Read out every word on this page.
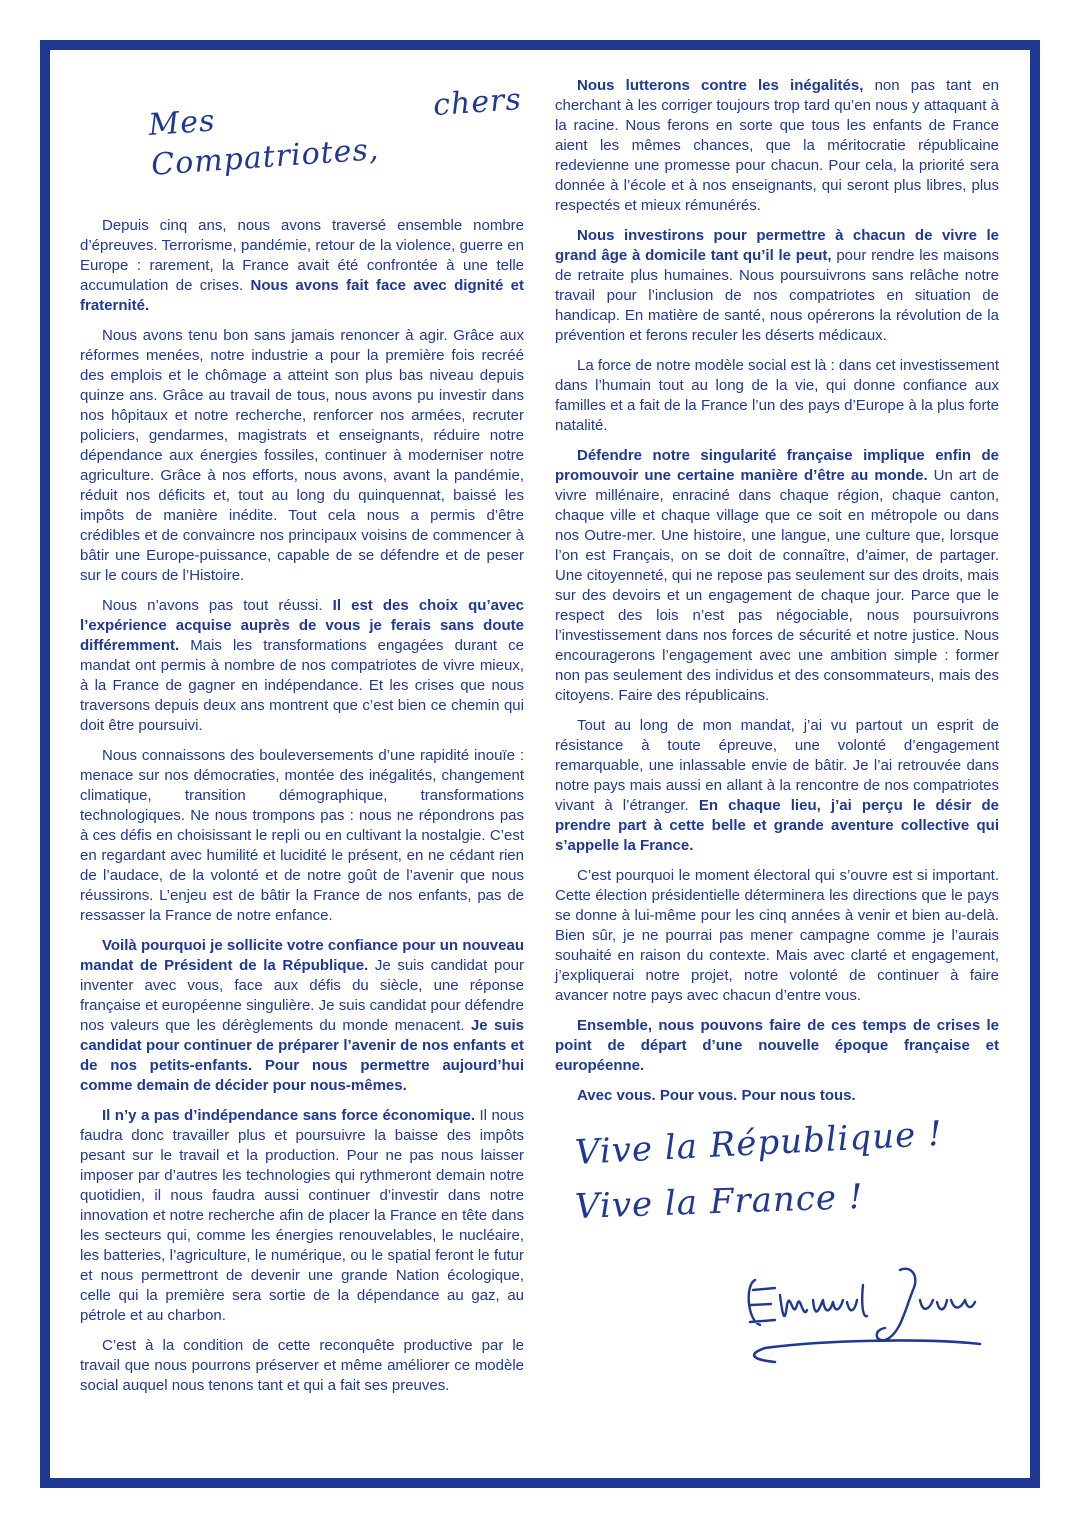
Mes chers Compatriotes,

Depuis cinq ans, nous avons traversé ensemble nombre d’épreuves. Terrorisme, pandémie, retour de la violence, guerre en Europe : rarement, la France avait été confrontée à une telle accumulation de crises. Nous avons fait face avec dignité et fraternité.

Nous avons tenu bon sans jamais renoncer à agir. Grâce aux réformes menées, notre industrie a pour la première fois recréé des emplois et le chômage a atteint son plus bas niveau depuis quinze ans. Grâce au travail de tous, nous avons pu investir dans nos hôpitaux et notre recherche, renforcer nos armées, recruter policiers, gendarmes, magistrats et enseignants, réduire notre dépendance aux énergies fossiles, continuer à moderniser notre agriculture. Grâce à nos efforts, nous avons, avant la pandémie, réduit nos déficits et, tout au long du quinquennat, baissé les impôts de manière inédite. Tout cela nous a permis d’être crédibles et de convaincre nos principaux voisins de commencer à bâtir une Europe-puissance, capable de se défendre et de peser sur le cours de l’Histoire.

Nous n’avons pas tout réussi. Il est des choix qu’avec l’expérience acquise auprès de vous je ferais sans doute différemment. Mais les transformations engagées durant ce mandat ont permis à nombre de nos compatriotes de vivre mieux, à la France de gagner en indépendance. Et les crises que nous traversons depuis deux ans montrent que c’est bien ce chemin qui doit être poursuivi.

Nous connaissons des bouleversements d’une rapidité inouïe : menace sur nos démocraties, montée des inégalités, changement climatique, transition démographique, transformations technologiques. Ne nous trompons pas : nous ne répondrons pas à ces défis en choisissant le repli ou en cultivant la nostalgie. C’est en regardant avec humilité et lucidité le présent, en ne cédant rien de l’audace, de la volonté et de notre goût de l’avenir que nous réussirons. L’enjeu est de bâtir la France de nos enfants, pas de ressasser la France de notre enfance.

Voilà pourquoi je sollicite votre confiance pour un nouveau mandat de Président de la République. Je suis candidat pour inventer avec vous, face aux défis du siècle, une réponse française et européenne singulière. Je suis candidat pour défendre nos valeurs que les dérèglements du monde menacent. Je suis candidat pour continuer de préparer l’avenir de nos enfants et de nos petits-enfants. Pour nous permettre aujourd’hui comme demain de décider pour nous-mêmes.

Il n’y a pas d’indépendance sans force économique. Il nous faudra donc travailler plus et poursuivre la baisse des impôts pesant sur le travail et la production. Pour ne pas nous laisser imposer par d’autres les technologies qui rythmeront demain notre quotidien, il nous faudra aussi continuer d’investir dans notre innovation et notre recherche afin de placer la France en tête dans les secteurs qui, comme les énergies renouvelables, le nucléaire, les batteries, l’agriculture, le numérique, ou le spatial feront le futur et nous permettront de devenir une grande Nation écologique, celle qui la première sera sortie de la dépendance au gaz, au pétrole et au charbon.

C’est à la condition de cette reconquête productive par le travail que nous pourrons préserver et même améliorer ce modèle social auquel nous tenons tant et qui a fait ses preuves.

Nous lutterons contre les inégalités, non pas tant en cherchant à les corriger toujours trop tard qu’en nous y attaquant à la racine. Nous ferons en sorte que tous les enfants de France aient les mêmes chances, que la méritocratie républicaine redevienne une promesse pour chacun. Pour cela, la priorité sera donnée à l’école et à nos enseignants, qui seront plus libres, plus respectés et mieux rémunérés.

Nous investirons pour permettre à chacun de vivre le grand âge à domicile tant qu’il le peut, pour rendre les maisons de retraite plus humaines. Nous poursuivrons sans relâche notre travail pour l’inclusion de nos compatriotes en situation de handicap. En matière de santé, nous opérerons la révolution de la prévention et ferons reculer les déserts médicaux.

La force de notre modèle social est là : dans cet investissement dans l’humain tout au long de la vie, qui donne confiance aux familles et a fait de la France l’un des pays d’Europe à la plus forte natalité.

Défendre notre singularité française implique enfin de promouvoir une certaine manière d’être au monde. Un art de vivre millénaire, enraciné dans chaque région, chaque canton, chaque ville et chaque village que ce soit en métropole ou dans nos Outre-mer. Une histoire, une langue, une culture que, lorsque l’on est Français, on se doit de connaître, d’aimer, de partager. Une citoyenneté, qui ne repose pas seulement sur des droits, mais sur des devoirs et un engagement de chaque jour. Parce que le respect des lois n’est pas négociable, nous poursuivrons l’investissement dans nos forces de sécurité et notre justice. Nous encouragerons l’engagement avec une ambition simple : former non pas seulement des individus et des consommateurs, mais des citoyens. Faire des républicains.

Tout au long de mon mandat, j’ai vu partout un esprit de résistance à toute épreuve, une volonté d’engagement remarquable, une inlassable envie de bâtir. Je l’ai retrouvée dans notre pays mais aussi en allant à la rencontre de nos compatriotes vivant à l’étranger. En chaque lieu, j’ai perçu le désir de prendre part à cette belle et grande aventure collective qui s’appelle la France.

C’est pourquoi le moment électoral qui s’ouvre est si important. Cette élection présidentielle déterminera les directions que le pays se donne à lui-même pour les cinq années à venir et bien au-delà. Bien sûr, je ne pourrai pas mener campagne comme je l’aurais souhaité en raison du contexte. Mais avec clarté et engagement, j’expliquerai notre projet, notre volonté de continuer à faire avancer notre pays avec chacun d’entre vous.

Ensemble, nous pouvons faire de ces temps de crises le point de départ d’une nouvelle époque française et européenne.

Avec vous. Pour vous. Pour nous tous.

Vive la République !
Vive la France !
